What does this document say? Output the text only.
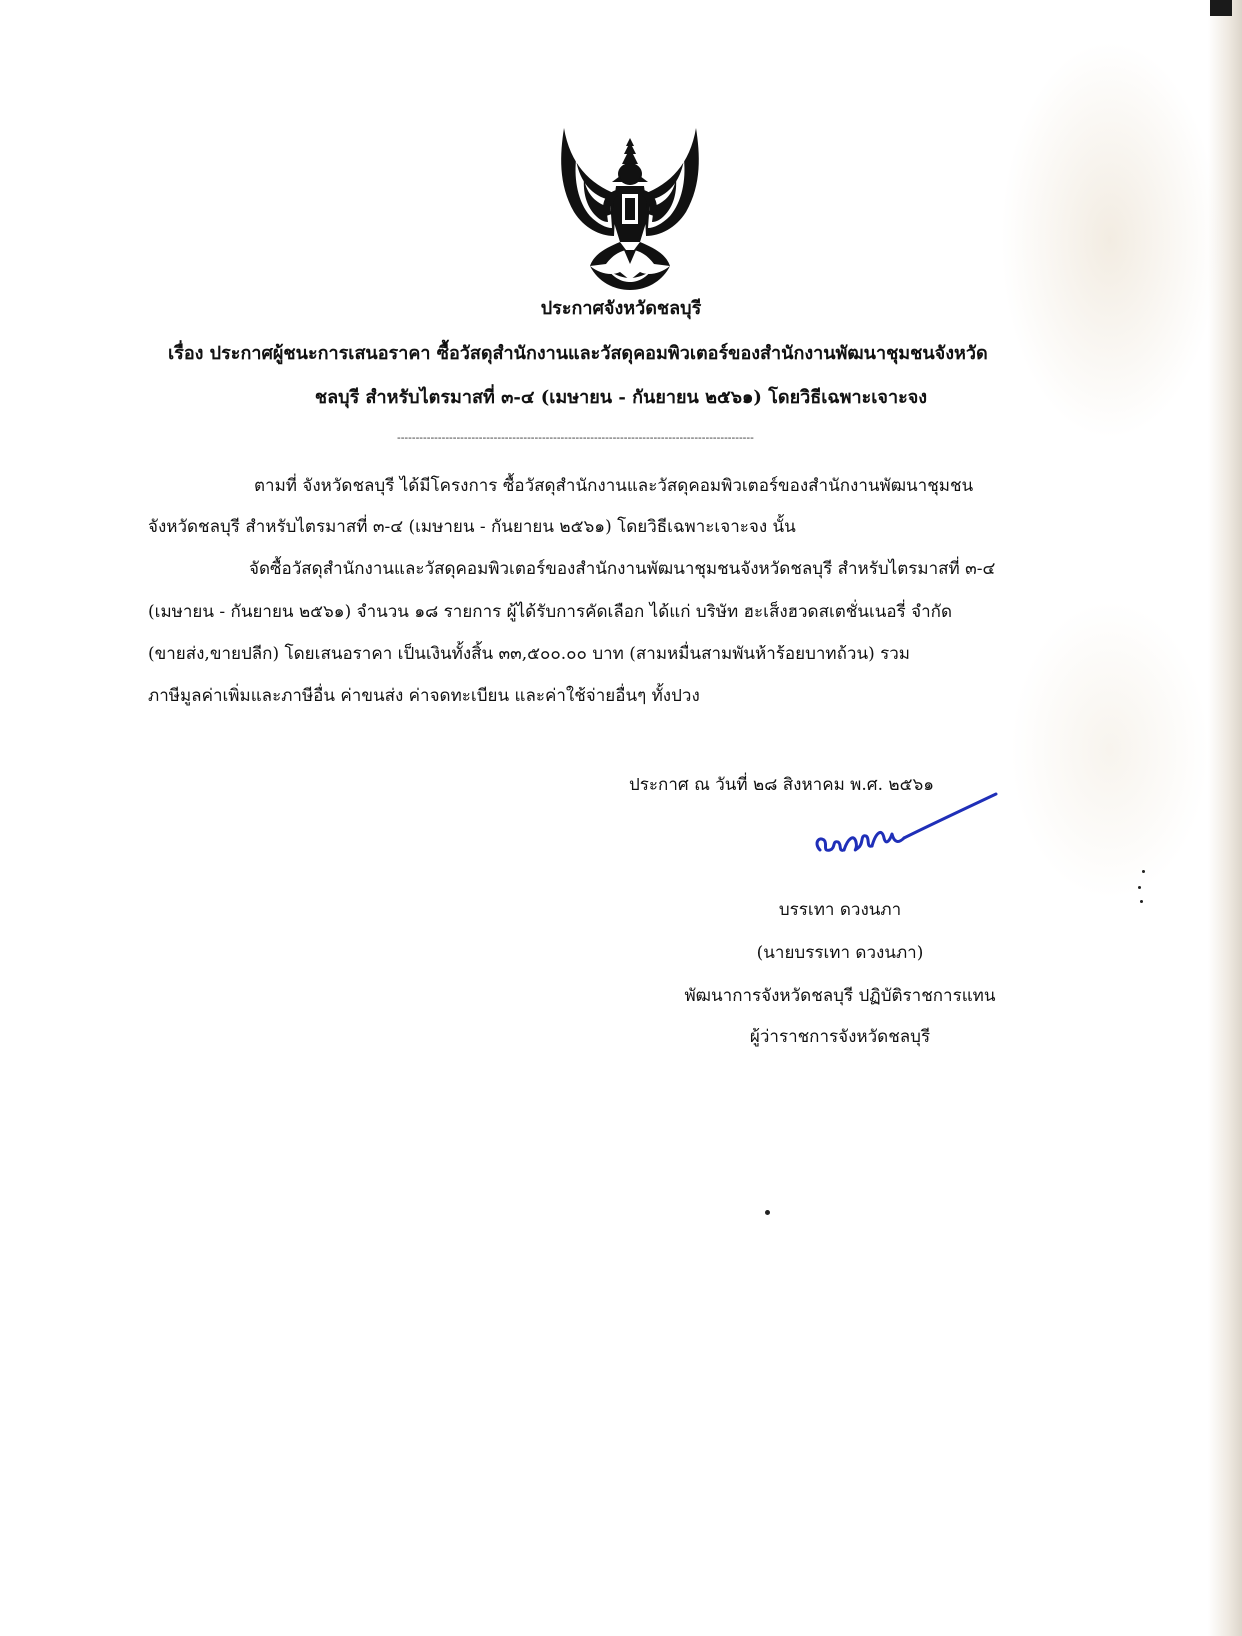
ประกาศจังหวัดชลบุรี

เรื่อง ประกาศผู้ชนะการเสนอราคา ซื้อวัสดุสำนักงานและวัสดุคอมพิวเตอร์ของสำนักงานพัฒนาชุมชนจังหวัด

ชลบุรี สำหรับไตรมาสที่ ๓-๔ (เมษายน - กันยายน ๒๕๖๑) โดยวิธีเฉพาะเจาะจง

------------------------------------------------------------------------------------------------

ตามที่ จังหวัดชลบุรี ได้มีโครงการ ซื้อวัสดุสำนักงานและวัสดุคอมพิวเตอร์ของสำนักงานพัฒนาชุมชน

จังหวัดชลบุรี สำหรับไตรมาสที่ ๓-๔ (เมษายน - กันยายน ๒๕๖๑) โดยวิธีเฉพาะเจาะจง นั้น

จัดซื้อวัสดุสำนักงานและวัสดุคอมพิวเตอร์ของสำนักงานพัฒนาชุมชนจังหวัดชลบุรี สำหรับไตรมาสที่ ๓-๔

(เมษายน - กันยายน ๒๕๖๑) จำนวน ๑๘ รายการ ผู้ได้รับการคัดเลือก ได้แก่ บริษัท ฮะเส็งฮวดสเตชั่นเนอรี่ จำกัด

(ขายส่ง,ขายปลีก) โดยเสนอราคา เป็นเงินทั้งสิ้น ๓๓,๕๐๐.๐๐ บาท (สามหมื่นสามพันห้าร้อยบาทถ้วน) รวม

ภาษีมูลค่าเพิ่มและภาษีอื่น ค่าขนส่ง ค่าจดทะเบียน และค่าใช้จ่ายอื่นๆ ทั้งปวง

ประกาศ ณ วันที่ ๒๘ สิงหาคม พ.ศ. ๒๕๖๑

บรรเทา ดวงนภา

(นายบรรเทา ดวงนภา)

พัฒนาการจังหวัดชลบุรี ปฏิบัติราชการแทน

ผู้ว่าราชการจังหวัดชลบุรี
